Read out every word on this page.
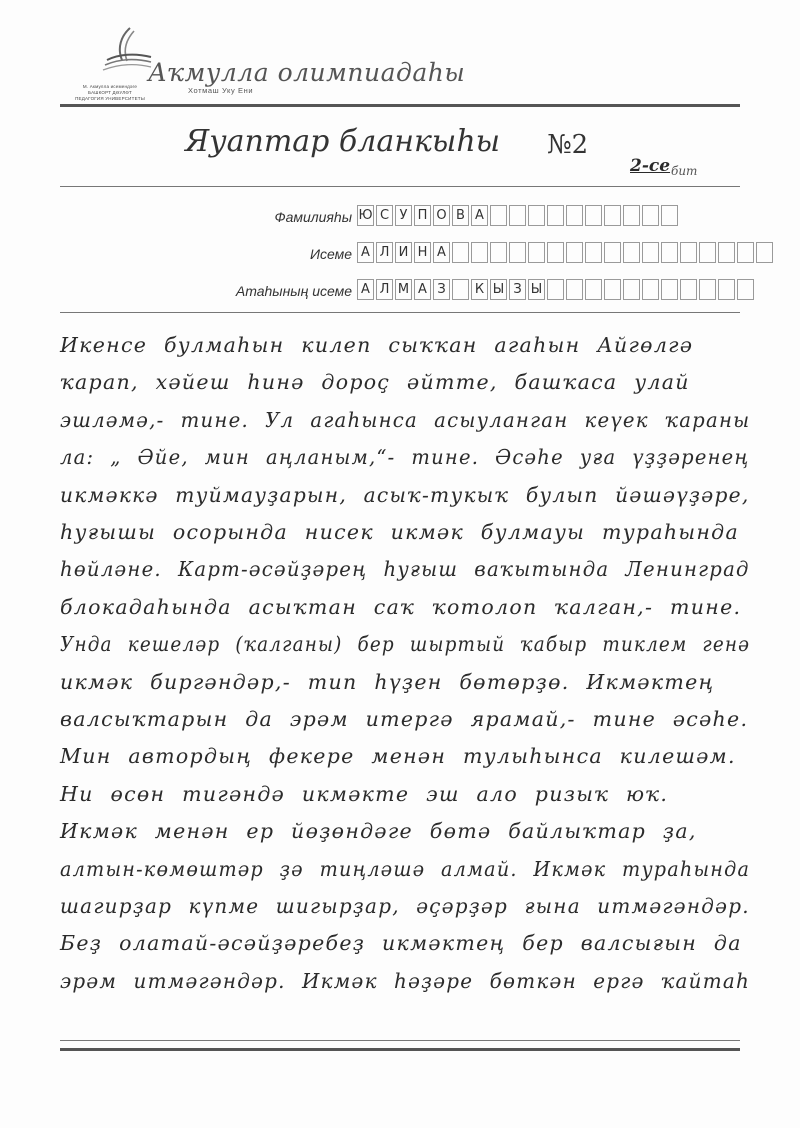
М. Акмулла исемендәге
БАШКОРТ ДӘУЛӘТ
ПЕДАГОГИЯ УНИВЕРСИТЕТЫ
Аҡмулла олимпиадаһы
Хотмаш Уку Ени
Яуаптар бланкыһы №2
2-се бит
Фамилияһы Ю С У П О В А
Исеме А Л И Н А
Атаһының исеме А Л М А З	К Ы З Ы
Икенсе булмаһын килеп сыҡҡан агаһын Айгөлгә
ҡарап, хәйеш һинә дороҫ әйтте, башҡаса улай
эшләмә,- тине. Ул агаһынса асыуланган кеүек ҡараны
ла: „ Әйе, мин аңланым,“- тине. Әсәһе уға үҙҙәренең
икмәккә туймауҙарын, асыҡ-тукыҡ булып йәшәүҙәре,
һуғышы осорында нисек икмәк булмауы тураһында
һөйләне. Карт-әсәйҙәрең һуғыш ваҡытында Ленинград
блокадаһында асыҡтан саҡ ҡотолоп ҡалган,- тине.
Унда кешеләр (ҡалганы) бер шыртый ҡабыр тиклем генә
икмәк биргәндәр,- тип һүҙен бөтөрҙө. Икмәктең
валсыҡтарын да эрәм итергә ярамай,- тине әсәһе.
Мин автордың фекере менән тулыһынса килешәм.
Ни өсөн тигәндә икмәкте эш ало ризыҡ юҡ.
Икмәк менән ер йөҙөндәге бөтә байлыҡтар ҙа,
алтын-көмөштәр ҙә тиңләшә алмай. Икмәк тураһында
шагирҙар күпме шигырҙар, әҫәрҙәр ғына итмәгәндәр.
Беҙ олатай-әсәйҙәребеҙ икмәктең бер валсығын да
эрәм итмәгәндәр. Икмәк һәҙәре бөткән ергә ҡайтаһ
